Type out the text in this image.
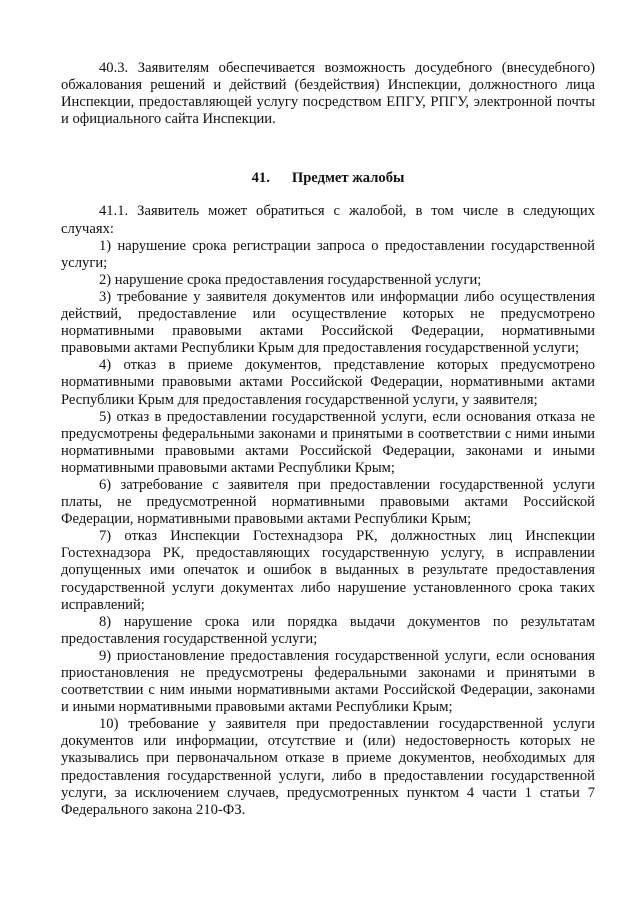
40.3. Заявителям обеспечивается возможность досудебного (внесудебного) обжалования решений и действий (бездействия) Инспекции, должностного лица Инспекции, предоставляющей услугу посредством ЕПГУ, РПГУ, электронной почты и официального сайта Инспекции.

41. Предмет жалобы

41.1. Заявитель может обратиться с жалобой, в том числе в следующих случаях:

1) нарушение срока регистрации запроса о предоставлении государственной услуги;

2) нарушение срока предоставления государственной услуги;

3) требование у заявителя документов или информации либо осуществления действий, предоставление или осуществление которых не предусмотрено нормативными правовыми актами Российской Федерации, нормативными правовыми актами Республики Крым для предоставления государственной услуги;

4) отказ в приеме документов, представление которых предусмотрено нормативными правовыми актами Российской Федерации, нормативными актами Республики Крым для предоставления государственной услуги, у заявителя;

5) отказ в предоставлении государственной услуги, если основания отказа не предусмотрены федеральными законами и принятыми в соответствии с ними иными нормативными правовыми актами Российской Федерации, законами и иными нормативными правовыми актами Республики Крым;

6) затребование с заявителя при предоставлении государственной услуги платы, не предусмотренной нормативными правовыми актами Российской Федерации, нормативными правовыми актами Республики Крым;

7) отказ Инспекции Гостехнадзора РК, должностных лиц Инспекции Гостехнадзора РК, предоставляющих государственную услугу, в исправлении допущенных ими опечаток и ошибок в выданных в результате предоставления государственной услуги документах либо нарушение установленного срока таких исправлений;

8) нарушение срока или порядка выдачи документов по результатам предоставления государственной услуги;

9) приостановление предоставления государственной услуги, если основания приостановления не предусмотрены федеральными законами и принятыми в соответствии с ним иными нормативными актами Российской Федерации, законами и иными нормативными правовыми актами Республики Крым;

10) требование у заявителя при предоставлении государственной услуги документов или информации, отсутствие и (или) недостоверность которых не указывались при первоначальном отказе в приеме документов, необходимых для предоставления государственной услуги, либо в предоставлении государственной услуги, за исключением случаев, предусмотренных пунктом 4 части 1 статьи 7 Федерального закона 210-ФЗ.
